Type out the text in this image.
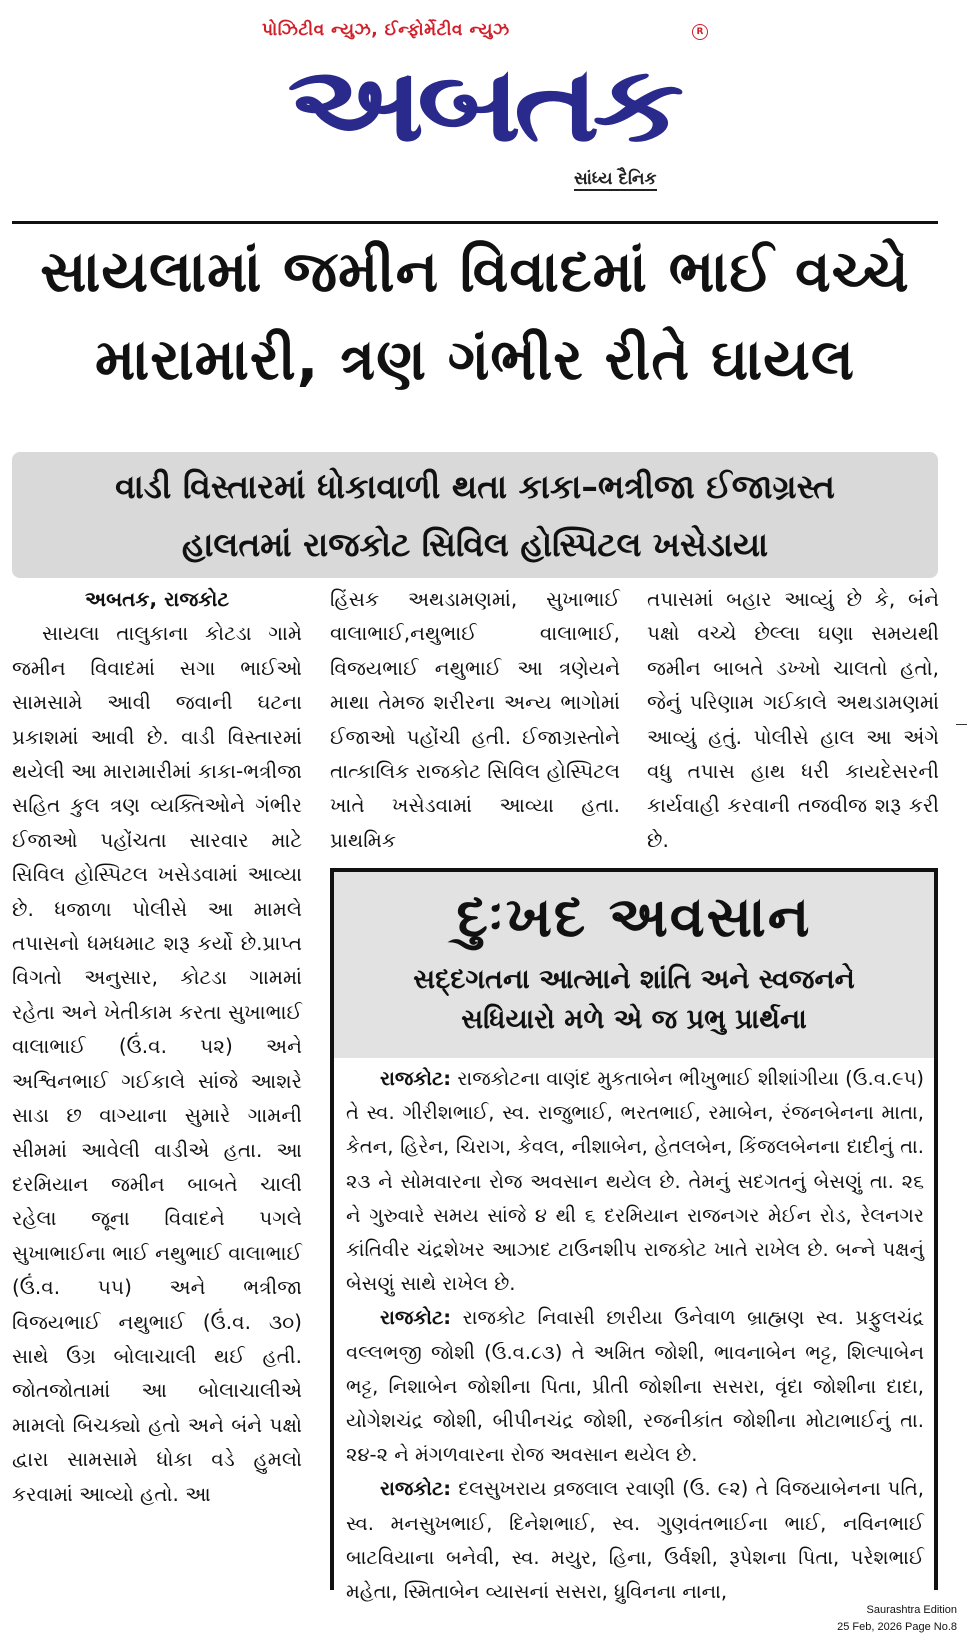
પોઝિટીવ ન્યુઝ, ઈન્ફોર્મેટીવ ન્યુઝ	R
અબતક
સાંધ્ય દૈનિક
સાયલામાં જમીન વિવાદમાં ભાઈ વચ્ચે
મારામારી, ત્રણ ગંભીર રીતે ઘાયલ
વાડી વિસ્તારમાં ધોકાવાળી થતા કાકા–ભત્રીજા ઈજાગ્રસ્ત
હાલતમાં રાજકોટ સિવિલ હોસ્પિટલ ખસેડાયા
અબતક, રાજકોટ

સાયલા તાલુકાના કોટડા ગામે જમીન વિવાદમાં સગા ભાઈઓ સામસામે આવી જવાની ઘટના પ્રકાશમાં આવી છે. વાડી વિસ્તારમાં થયેલી આ મારામારીમાં કાકા-ભત્રીજા સહિત કુલ ત્રણ વ્યક્તિઓને ગંભીર ઈજાઓ પહોંચતા સારવાર માટે સિવિલ હોસ્પિટલ ખસેડવામાં આવ્યા છે. ધજાળા પોલીસે આ મામલે તપાસનો ધમધમાટ શરૂ કર્યો છે.પ્રાપ્ત વિગતો અનુસાર, કોટડા ગામમાં રહેતા અને ખેતીકામ કરતા સુખાભાઈ વાલાભાઈ (ઉં.વ. ૫૨) અને અશ્વિનભાઈ ગઈકાલે સાંજે આશરે સાડા છ વાગ્યાના સુમારે ગામની સીમમાં આવેલી વાડીએ હતા. આ દરમિયાન જમીન બાબતે ચાલી રહેલા જૂના વિવાદને પગલે સુખાભાઈના ભાઈ નથુભાઈ વાલાભાઈ (ઉં.વ. ૫૫) અને ભત્રીજા વિજયભાઈ નથુભાઈ (ઉં.વ. ૩૦) સાથે ઉગ્ર બોલાચાલી થઈ હતી. જોતજોતામાં આ બોલાચાલીએ મામલો બિચક્યો હતો અને બંને પક્ષો દ્વારા સામસામે ધોકા વડે હુમલો કરવામાં આવ્યો હતો. આ

હિંસક અથડામણમાં, સુખાભાઈ વાલાભાઈ,નથુભાઈ વાલાભાઈ, વિજયભાઈ નથુભાઈ આ ત્રણેયને માથા તેમજ શરીરના અન્ય ભાગોમાં ઈજાઓ પહોંચી હતી. ઈજાગ્રસ્તોને તાત્કાલિક રાજકોટ સિવિલ હોસ્પિટલ ખાતે ખસેડવામાં આવ્યા હતા. પ્રાથમિક

તપાસમાં બહાર આવ્યું છે કે, બંને પક્ષો વચ્ચે છેલ્લા ઘણા સમયથી જમીન બાબતે ડખ્ખો ચાલતો હતો, જેનું પરિણામ ગઈકાલે અથડામણમાં આવ્યું હતું. પોલીસે હાલ આ અંગે વધુ તપાસ હાથ ધરી કાયદેસરની કાર્યવાહી કરવાની તજવીજ શરૂ કરી છે.

દુઃખદ અવસાન
સદ્દગતના આત્માને શાંતિ અને સ્વજનને
સધિયારો મળે એ જ પ્રભુ પ્રાર્થના

રાજકોટ: રાજકોટના વાણંદ મુકતાબેન ભીખુભાઈ શીશાંગીયા (ઉ.વ.૯૫) તે સ્વ. ગીરીશભાઈ, સ્વ. રાજુભાઈ, ભરતભાઈ, રમાબેન, રંજનબેનના માતા, કેતન, હિરેન, ચિરાગ, કેવલ, નીશાબેન, હેતલબેન, કિંજલબેનના દાદીનું તા. ૨૩ ને સોમવારના રોજ અવસાન થયેલ છે. તેમનું સદગતનું બેસણું તા. ૨૬ ને ગુરુવારે સમય સાંજે ૪ થી ૬ દરમિયાન રાજનગર મેઈન રોડ, રેલનગર કાંતિવીર ચંદ્રશેખર આઝાદ ટાઉનશીપ રાજકોટ ખાતે રાખેલ છે. બન્ને પક્ષનું બેસણું સાથે રાખેલ છે.

રાજકોટ: રાજકોટ નિવાસી છારીયા ઉનેવાળ બ્રાહ્મણ સ્વ. પ્રફુલચંદ્ર વલ્લભજી જોશી (ઉ.વ.૮૩) તે અમિત જોશી, ભાવનાબેન ભટ્ટ, શિલ્પાબેન ભટ્ટ, નિશાબેન જોશીના પિતા, પ્રીતી જોશીના સસરા, વૃંદા જોશીના દાદા, યોગેશચંદ્ર જોશી, બીપીનચંદ્ર જોશી, રજનીકાંત જોશીના મોટાભાઈનું તા. ૨૪-૨ ને મંગળવારના રોજ અવસાન થયેલ છે.

રાજકોટ: દલસુખરાય વ્રજલાલ રવાણી (ઉ. ૯૨) તે વિજયાબેનના પતિ, સ્વ. મનસુખભાઈ, દિનેશભાઈ, સ્વ. ગુણવંતભાઈના ભાઈ, નવિનભાઈ બાટવિયાના બનેવી, સ્વ. મયુર, હિના, ઉર્વશી, રૂપેશના પિતા, પરેશભાઈ મહેતા, સ્મિતાબેન વ્યાસનાં સસરા, ધ્રુવિનના નાના,

Saurashtra Edition
25 Feb, 2026 Page No.8
